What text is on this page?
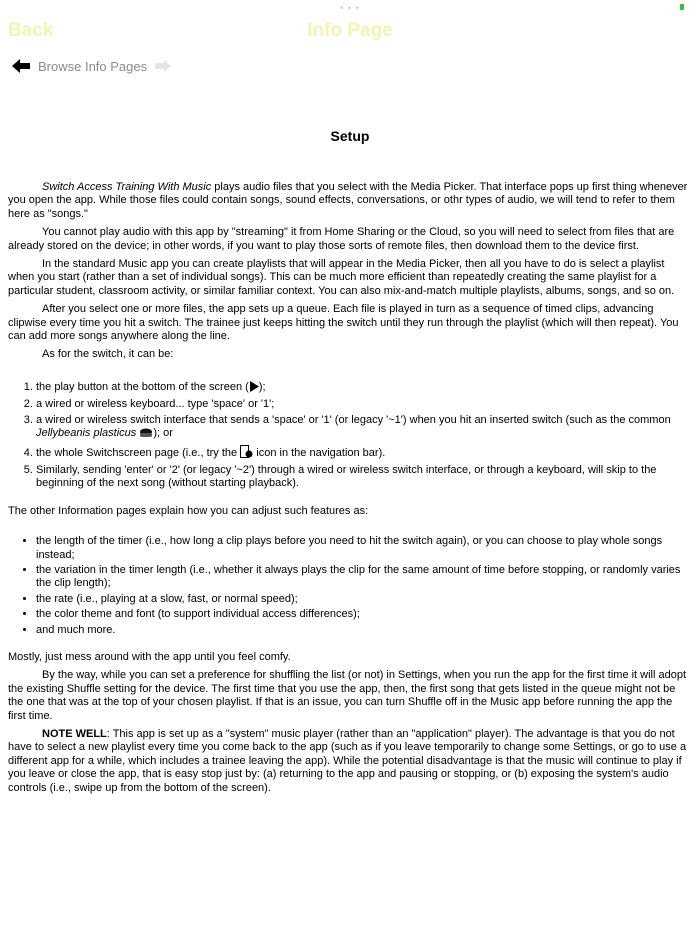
• • •
Back	Info Page
Browse Info Pages
Setup

Switch Access Training With Music plays audio files that you select with the Media Picker. That interface pops up first thing whenever you open the app. While those files could contain songs, sound effects, conversations, or othr types of audio, we will tend to refer to them here as "songs."

You cannot play audio with this app by "streaming" it from Home Sharing or the Cloud, so you will need to select from files that are already stored on the device; in other words, if you want to play those sorts of remote files, then download them to the device first.

In the standard Music app you can create playlists that will appear in the Media Picker, then all you have to do is select a playlist when you start (rather than a set of individual songs). This can be much more efficient than repeatedly creating the same playlist for a particular student, classroom activity, or similar familiar context. You can also mix-and-match multiple playlists, albums, songs, and so on.

After you select one or more files, the app sets up a queue. Each file is played in turn as a sequence of timed clips, advancing clipwise every time you hit a switch. The trainee just keeps hitting the switch until they run through the playlist (which will then repeat). You can add more songs anywhere along the line.

As for the switch, it can be:

1. the play button at the bottom of the screen ( );
2. a wired or wireless keyboard... type 'space' or '1';
3. a wired or wireless switch interface that sends a 'space' or '1' (or legacy '~1') when you hit an inserted switch (such as the common Jellybeanis plasticus ); or
4. the whole Switchscreen page (i.e., try the  icon in the navigation bar).
5. Similarly, sending 'enter' or '2' (or legacy '~2') through a wired or wireless switch interface, or through a keyboard, will skip to the beginning of the next song (without starting playback).

The other Information pages explain how you can adjust such features as:

• the length of the timer (i.e., how long a clip plays before you need to hit the switch again), or you can choose to play whole songs instead;
• the variation in the timer length (i.e., whether it always plays the clip for the same amount of time before stopping, or randomly varies the clip length);
• the rate (i.e., playing at a slow, fast, or normal speed);
• the color theme and font (to support individual access differences);
• and much more.

Mostly, just mess around with the app until you feel comfy.

By the way, while you can set a preference for shuffling the list (or not) in Settings, when you run the app for the first time it will adopt the existing Shuffle setting for the device. The first time that you use the app, then, the first song that gets listed in the queue might not be the one that was at the top of your chosen playlist. If that is an issue, you can turn Shuffle off in the Music app before running the app the first time.

NOTE WELL: This app is set up as a "system" music player (rather than an "application" player). The advantage is that you do not have to select a new playlist every time you come back to the app (such as if you leave temporarily to change some Settings, or go to use a different app for a while, which includes a trainee leaving the app). While the potential disadvantage is that the music will continue to play if you leave or close the app, that is easy stop just by: (a) returning to the app and pausing or stopping, or (b) exposing the system's audio controls (i.e., swipe up from the bottom of the screen).
